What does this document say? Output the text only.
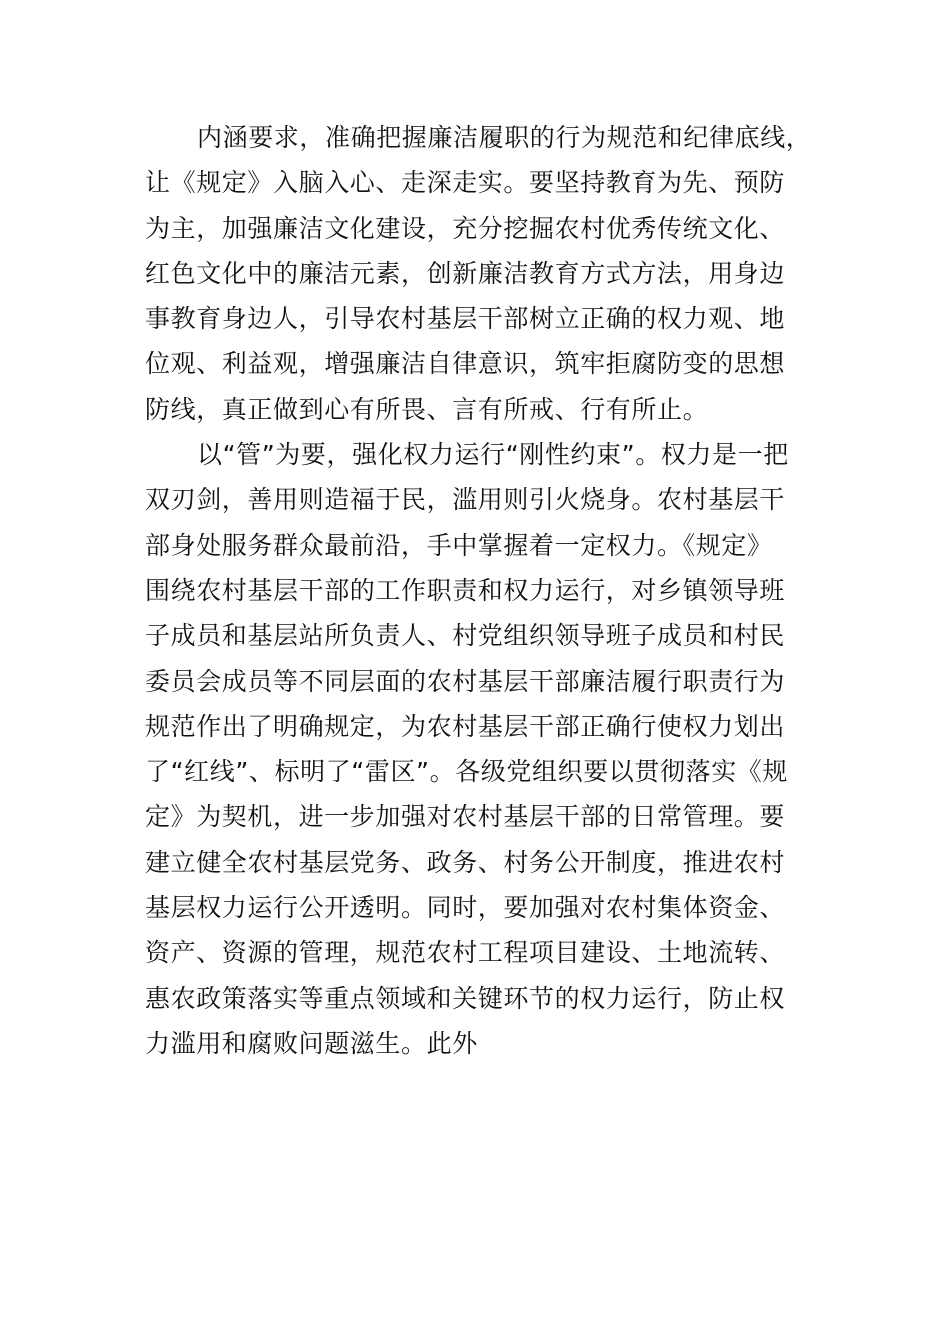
内涵要求，准确把握廉洁履职的行为规范和纪律底线，
让《规定》入脑入心、走深走实。要坚持教育为先、预防
为主，加强廉洁文化建设，充分挖掘农村优秀传统文化、
红色文化中的廉洁元素，创新廉洁教育方式方法，用身边
事教育身边人，引导农村基层干部树立正确的权力观、地
位观、利益观，增强廉洁自律意识，筑牢拒腐防变的思想
防线，真正做到心有所畏、言有所戒、行有所止。
以“管”为要，强化权力运行“刚性约束”。权力是一把
双刃剑，善用则造福于民，滥用则引火烧身。农村基层干
部身处服务群众最前沿，手中掌握着一定权力。《规定》
围绕农村基层干部的工作职责和权力运行，对乡镇领导班
子成员和基层站所负责人、村党组织领导班子成员和村民
委员会成员等不同层面的农村基层干部廉洁履行职责行为
规范作出了明确规定，为农村基层干部正确行使权力划出
了“红线”、标明了“雷区”。各级党组织要以贯彻落实《规
定》为契机，进一步加强对农村基层干部的日常管理。要
建立健全农村基层党务、政务、村务公开制度，推进农村
基层权力运行公开透明。同时，要加强对农村集体资金、
资产、资源的管理，规范农村工程项目建设、土地流转、
惠农政策落实等重点领域和关键环节的权力运行，防止权
力滥用和腐败问题滋生。此外
